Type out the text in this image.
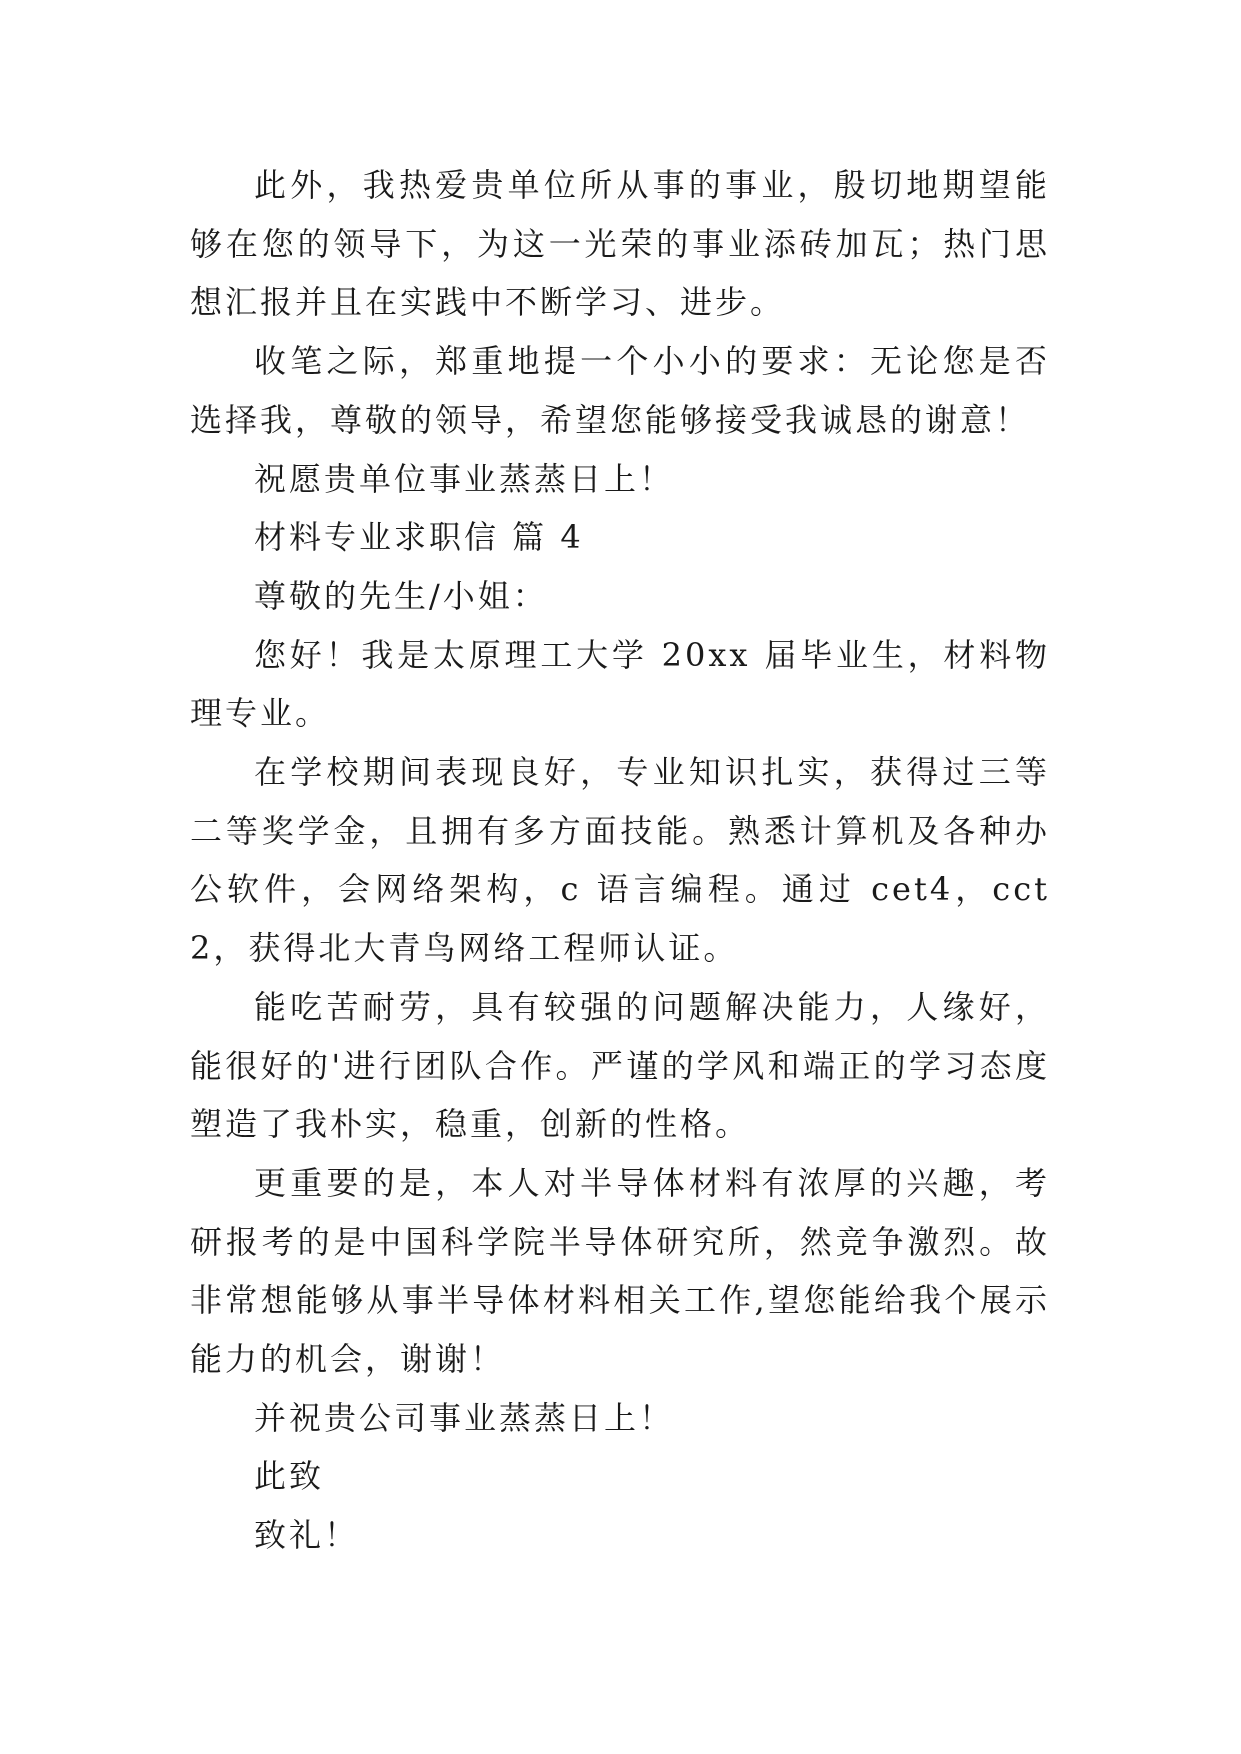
此外，我热爱贵单位所从事的事业，殷切地期望能够在您的领导下，为这一光荣的事业添砖加瓦；热门思想汇报并且在实践中不断学习、进步。

收笔之际，郑重地提一个小小的要求：无论您是否选择我，尊敬的领导，希望您能够接受我诚恳的谢意！

祝愿贵单位事业蒸蒸日上！

材料专业求职信 篇 4

尊敬的先生/小姐：

您好！我是太原理工大学 20xx 届毕业生，材料物理专业。

在学校期间表现良好，专业知识扎实，获得过三等二等奖学金，且拥有多方面技能。熟悉计算机及各种办公软件，会网络架构，c 语言编程。通过 cet4，cct2，获得北大青鸟网络工程师认证。

能吃苦耐劳，具有较强的问题解决能力，人缘好，能很好的'进行团队合作。严谨的学风和端正的学习态度塑造了我朴实，稳重，创新的性格。

更重要的是，本人对半导体材料有浓厚的兴趣，考研报考的是中国科学院半导体研究所，然竞争激烈。故非常想能够从事半导体材料相关工作,望您能给我个展示能力的机会，谢谢！

并祝贵公司事业蒸蒸日上！

此致

致礼！
